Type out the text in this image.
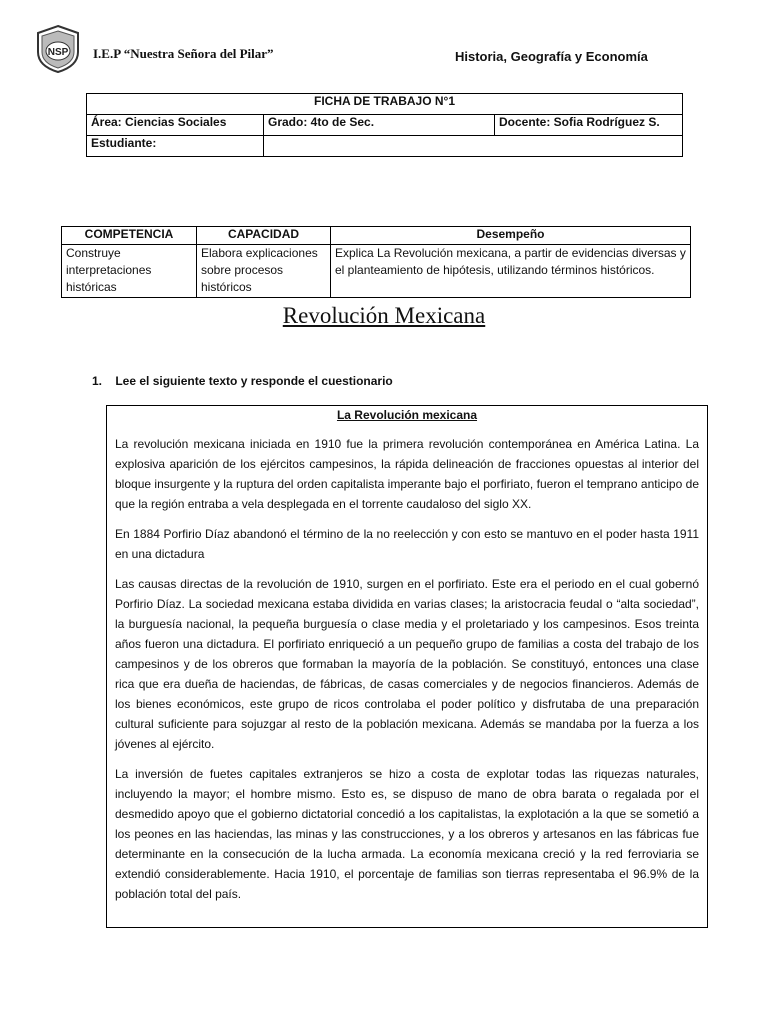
NSP I.E.P “Nuestra Señora del Pilar”	Historia, Geografía y Economía
FICHA DE TRABAJO N°1		
Área: Ciencias Sociales	Grado: 4to de Sec.	Docente: Sofia Rodríguez S.
Estudiante:		
COMPETENCIA	CAPACIDAD	Desempeño
Construye interpretaciones históricas	Elabora explicaciones sobre procesos históricos	Explica La Revolución mexicana, a partir de evidencias diversas y el planteamiento de hipótesis, utilizando términos históricos.
Revolución Mexicana
1.    Lee el siguiente texto y responde el cuestionario
La Revolución mexicana

La revolución mexicana iniciada en 1910 fue la primera revolución contemporánea en América Latina. La explosiva aparición de los ejércitos campesinos, la rápida delineación de fracciones opuestas al interior del bloque insurgente y la ruptura del orden capitalista imperante bajo el porfiriato, fueron el temprano anticipo de que la región entraba a vela desplegada en el torrente caudaloso del siglo XX.

En 1884 Porfirio Díaz abandonó el término de la no reelección y con esto se mantuvo en el poder hasta 1911 en una dictadura

Las causas directas de la revolución de 1910, surgen en el porfiriato. Este era el periodo en el cual gobernó Porfirio Díaz. La sociedad mexicana estaba dividida en varias clases; la aristocracia feudal o “alta sociedad”, la burguesía nacional, la pequeña burguesía o clase media y el proletariado y los campesinos. Esos treinta años fueron una dictadura. El porfiriato enriqueció a un pequeño grupo de familias a costa del trabajo de los campesinos y de los obreros que formaban la mayoría de la población. Se constituyó, entonces una clase rica que era dueña de haciendas, de fábricas, de casas comerciales y de negocios financieros. Además de los bienes económicos, este grupo de ricos controlaba el poder político y disfrutaba de una preparación cultural suficiente para sojuzgar al resto de la población mexicana. Además se mandaba por la fuerza a los jóvenes al ejército.

La inversión de fuetes capitales extranjeros se hizo a costa de explotar todas las riquezas naturales, incluyendo la mayor; el hombre mismo. Esto es, se dispuso de mano de obra barata o regalada por el desmedido apoyo que el gobierno dictatorial concedió a los capitalistas, la explotación a la que se sometió a los peones en las haciendas, las minas y las construcciones, y a los obreros y artesanos en las fábricas fue determinante en la consecución de la lucha armada. La economía mexicana creció y la red ferroviaria se extendió considerablemente. Hacia 1910, el porcentaje de familias son tierras representaba el 96.9% de la población total del país.
